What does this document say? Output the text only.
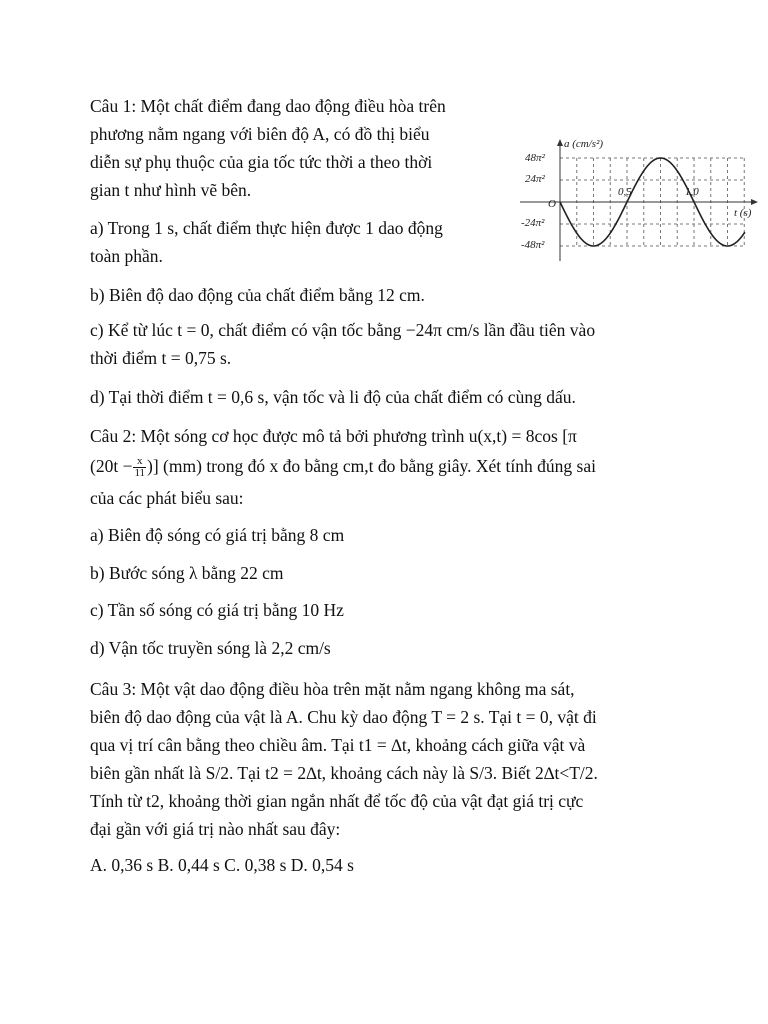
Câu 1: Một chất điểm đang dao động điều hòa trên

phương nằm ngang với biên độ A, có đồ thị biểu

diễn sự phụ thuộc của gia tốc tức thời a theo thời

gian t như hình vẽ bên.

a) Trong 1 s, chất điểm thực hiện được 1 dao động

toàn phần.

b) Biên độ dao động của chất điểm bằng 12 cm.

c) Kể từ lúc t = 0, chất điểm có vận tốc bằng −24π cm/s lần đầu tiên vào

thời điểm t = 0,75 s.

d) Tại thời điểm t = 0,6 s, vận tốc và li độ của chất điểm có cùng dấu.

a (cm/s²)
t (s)
O
48π²
24π²
-24π²
-48π²
0,5	1,0

Câu 2: Một sóng cơ học được mô tả bởi phương trình u(x,t) = 8cos [π

($20t - \frac{x}{11}$ )] (mm) trong đó x đo bằng cm,t đo bằng giây. Xét tính đúng sai

của các phát biểu sau:

a) Biên độ sóng có giá trị bằng 8 cm

b) Bước sóng λ bằng 22 cm

c) Tần số sóng có giá trị bằng 10 Hz

d) Vận tốc truyền sóng là 2,2 cm/s

Câu 3: Một vật dao động điều hòa trên mặt nằm ngang không ma sát,

biên độ dao động của vật là A. Chu kỳ dao động T = 2 s. Tại t = 0, vật đi

qua vị trí cân bằng theo chiều âm. Tại t1 = ∆t, khoảng cách giữa vật và

biên gần nhất là S/2. Tại t2 = 2∆t, khoảng cách này là S/3. Biết 2∆t<T/2.

Tính từ t2, khoảng thời gian ngắn nhất để tốc độ của vật đạt giá trị cực

đại gần với giá trị nào nhất sau đây:

A. 0,36 s B. 0,44 s C. 0,38 s D. 0,54 s
